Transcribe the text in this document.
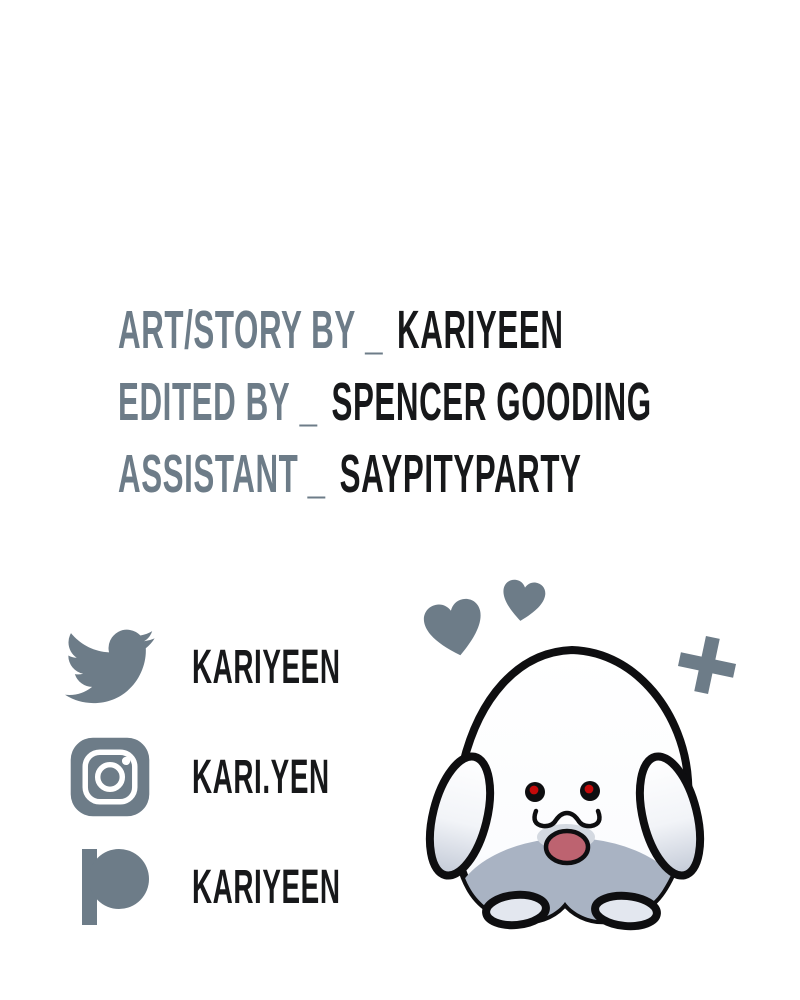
ART/STORY BY _ KARIYEEN
EDITED BY _ SPENCER GOODING
ASSISTANT _ SAYPITYPARTY
KARIYEEN
KARI.YEN
KARIYEEN
